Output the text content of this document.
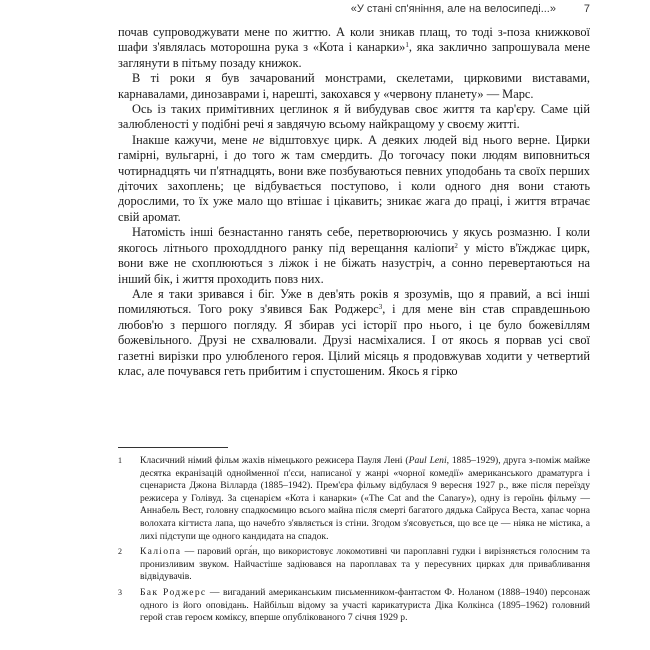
«У стані сп'яніння, але на велосипеді...»	7

почав супроводжувати мене по життю. А коли зникав плащ, то тоді з-поза книжкової шафи з'являлась моторошна рука з «Кота і канарки»$^1$, яка заклично запрошувала мене заглянути в пітьму позаду книжок.

В ті роки я був зачарований монстрами, скелетами, цирковими виставами, карнавалами, динозаврами і, нарешті, закохався у «червону планету» — Марс.

Ось із таких примітивних цеглинок я й вибудував своє життя та кар'єру. Саме цій залюбленості у подібні речі я завдячую всьому найкращому у своєму житті.

Інакше кажучи, мене не відштовхує цирк. А деяких людей від нього верне. Цирки гамірні, вульгарні, і до того ж там смердить. До тогочасу поки людям виповниться чотирнадцять чи п'ятнадцять, вони вже позбуваються певних уподобань та своїх перших діточих захоплень; це відбувається поступово, і коли одного дня вони стають дорослими, то їх уже мало що втішає і цікавить; зникає жага до праці, і життя втрачає свій аромат.

Натомість інші безнастанно ганять себе, перетворюючись у якусь розмазню. І коли якогось літнього проходлдного ранку під верещання каліопи$^2$ у місто в'їжджає цирк, вони вже не схоплюються з ліжок і не біжать назустріч, а сонно перевертаються на інший бік, і життя проходить повз них.

Але я таки зривався і біг. Уже в дев'ять років я зрозумів, що я правий, а всі інші помиляються. Того року з'явився Бак Роджерс$^3$, і для мене він став справдешньою любов'ю з першого погляду. Я збирав усі історії про нього, і це було божевіллям божевільного. Друзі не схвалювали. Друзі насміхалися. І от якось я порвав усі свої газетні вирізки про улюбленого героя. Цілий місяць я продовжував ходити у четвертий клас, але почувався геть прибитим і спустошеним. Якось я гірко

1	Класичний німий фільм жахів німецького режисера Пауля Лені (Paul Leni, 1885–1929), друга з-поміж майже десятка екранізацій однойменної п'єси, написаної у жанрі «чорної комедії» американського драматурга і сценариста Джона Вілларда (1885–1942). Прем'єра фільму відбулася 9 вересня 1927 р., вже після переїзду режисера у Голівуд. За сценарієм «Кота і канарки» («The Cat and the Canary»), одну із героїнь фільму — Аннабель Вест, головну спадкоємицю всього майна після смерті багатого дядька Сайруса Веста, хапає чорна волохата кігтиста лапа, що начебто з'являється із стіни. Згодом з'ясовується, що все це — ніяка не містика, а лихі підступи ще одного кандидата на спадок.
2	Каліопа — паровий орга́н, що використовує локомотивні чи пароплавні гудки і вирізняється голосним та пронизливим звуком. Найчастіше задіювався на пароплавах та у пересувних цирках для привабливання відвідувачів.
3	Бак Роджерс — вигаданий американським письменником-фантастом Ф. Ноланом (1888–1940) персонаж одного із його оповідань. Найбільш відому за участі карикатуриста Діка Колкінса (1895–1962) головний герой став героєм коміксу, вперше опублікованого 7 січня 1929 р.
